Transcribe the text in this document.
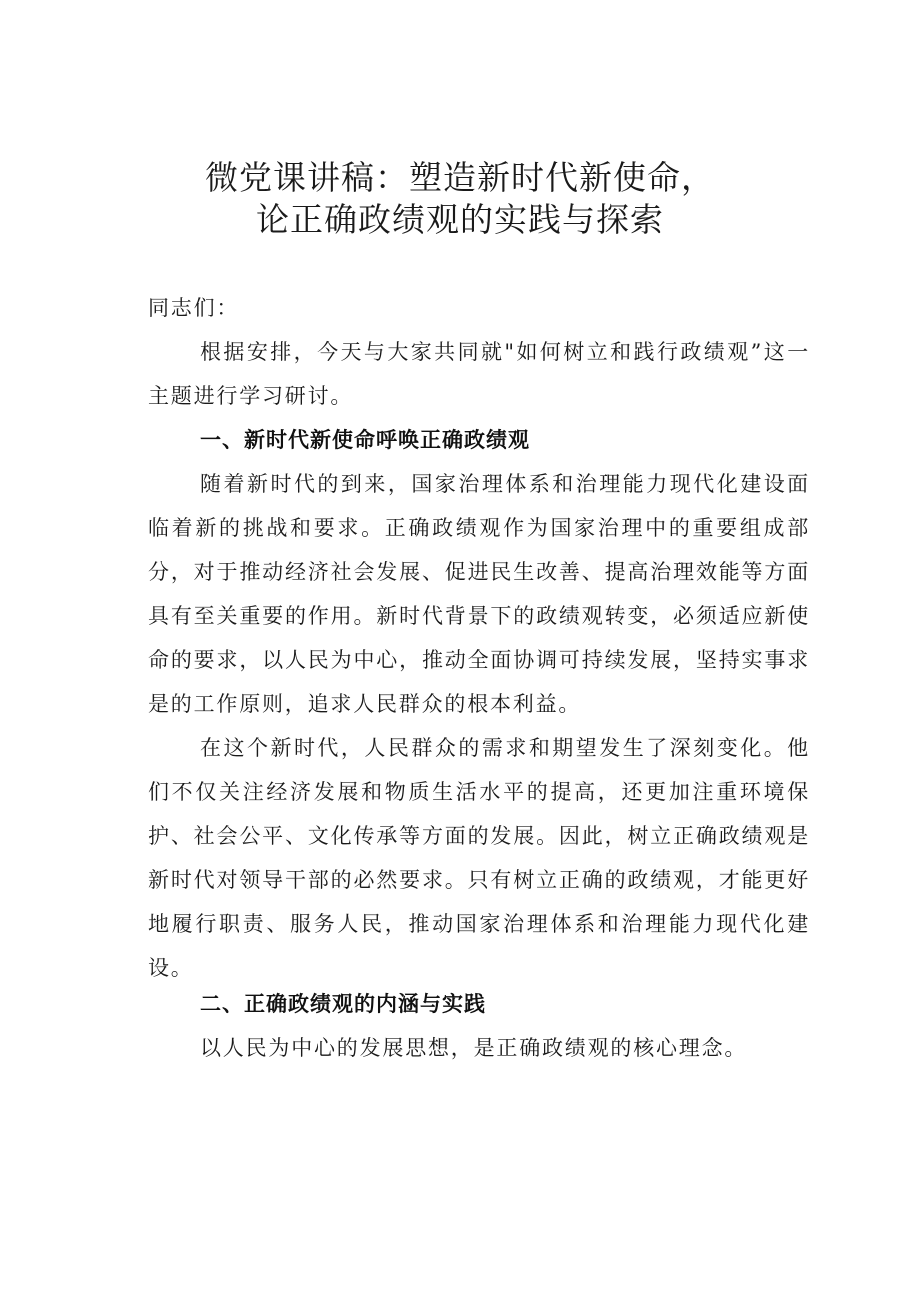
微党课讲稿：塑造新时代新使命，
论正确政绩观的实践与探索

同志们：

根据安排，今天与大家共同就"如何树立和践行政绩观”这一主题进行学习研讨。

一、新时代新使命呼唤正确政绩观

随着新时代的到来，国家治理体系和治理能力现代化建设面临着新的挑战和要求。正确政绩观作为国家治理中的重要组成部分，对于推动经济社会发展、促进民生改善、提高治理效能等方面具有至关重要的作用。新时代背景下的政绩观转变，必须适应新使命的要求，以人民为中心，推动全面协调可持续发展，坚持实事求是的工作原则，追求人民群众的根本利益。

在这个新时代，人民群众的需求和期望发生了深刻变化。他们不仅关注经济发展和物质生活水平的提高，还更加注重环境保护、社会公平、文化传承等方面的发展。因此，树立正确政绩观是新时代对领导干部的必然要求。只有树立正确的政绩观，才能更好地履行职责、服务人民，推动国家治理体系和治理能力现代化建设。

二、正确政绩观的内涵与实践

以人民为中心的发展思想，是正确政绩观的核心理念。
